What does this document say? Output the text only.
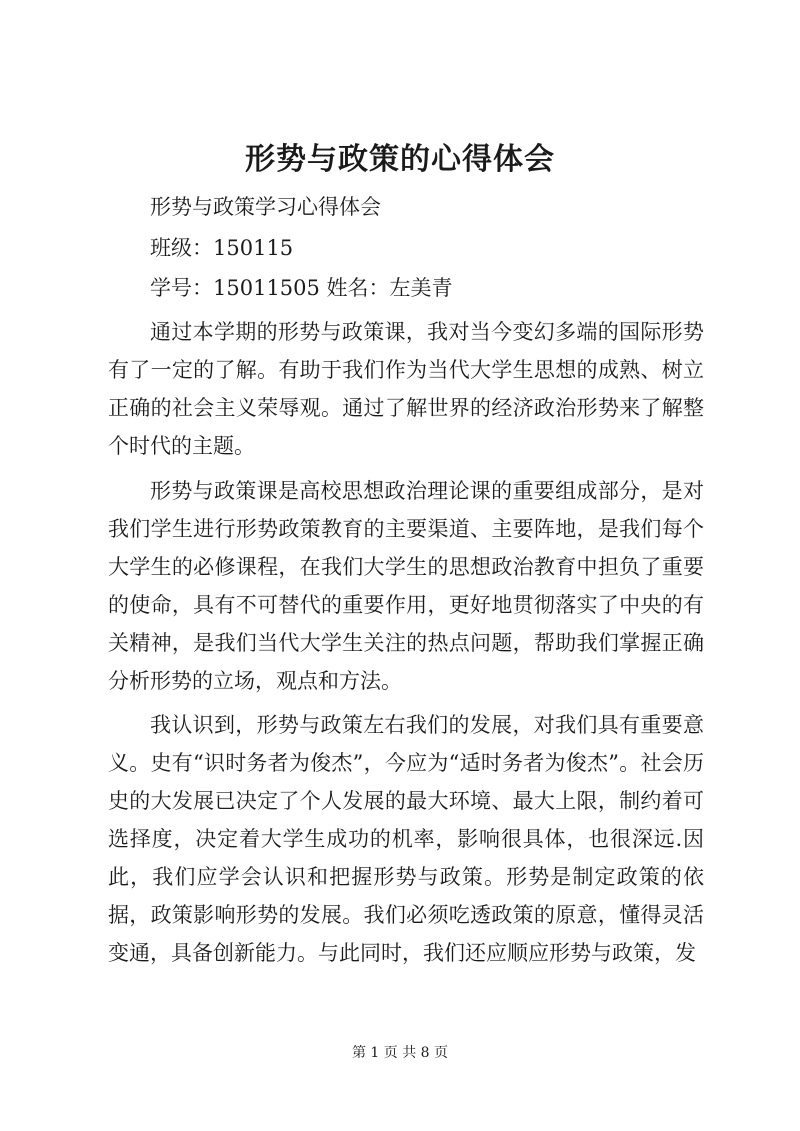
形势与政策的心得体会
形势与政策学习心得体会
班级：150115
学号：15011505 姓名：左美青

通过本学期的形势与政策课，我对当今变幻多端的国际形势有了一定的了解。有助于我们作为当代大学生思想的成熟、树立正确的社会主义荣辱观。通过了解世界的经济政治形势来了解整个时代的主题。

形势与政策课是高校思想政治理论课的重要组成部分，是对我们学生进行形势政策教育的主要渠道、主要阵地，是我们每个大学生的必修课程，在我们大学生的思想政治教育中担负了重要的使命，具有不可替代的重要作用，更好地贯彻落实了中央的有关精神，是我们当代大学生关注的热点问题，帮助我们掌握正确分析形势的立场，观点和方法。

我认识到，形势与政策左右我们的发展，对我们具有重要意义。史有“识时务者为俊杰”，今应为“适时务者为俊杰”。社会历史的大发展已决定了个人发展的最大环境、最大上限，制约着可选择度，决定着大学生成功的机率，影响很具体，也很深远.因此，我们应学会认识和把握形势与政策。形势是制定政策的依据，政策影响形势的发展。我们必须吃透政策的原意，懂得灵活变通，具备创新能力。与此同时，我们还应顺应形势与政策，发

第 1 页 共 8 页
